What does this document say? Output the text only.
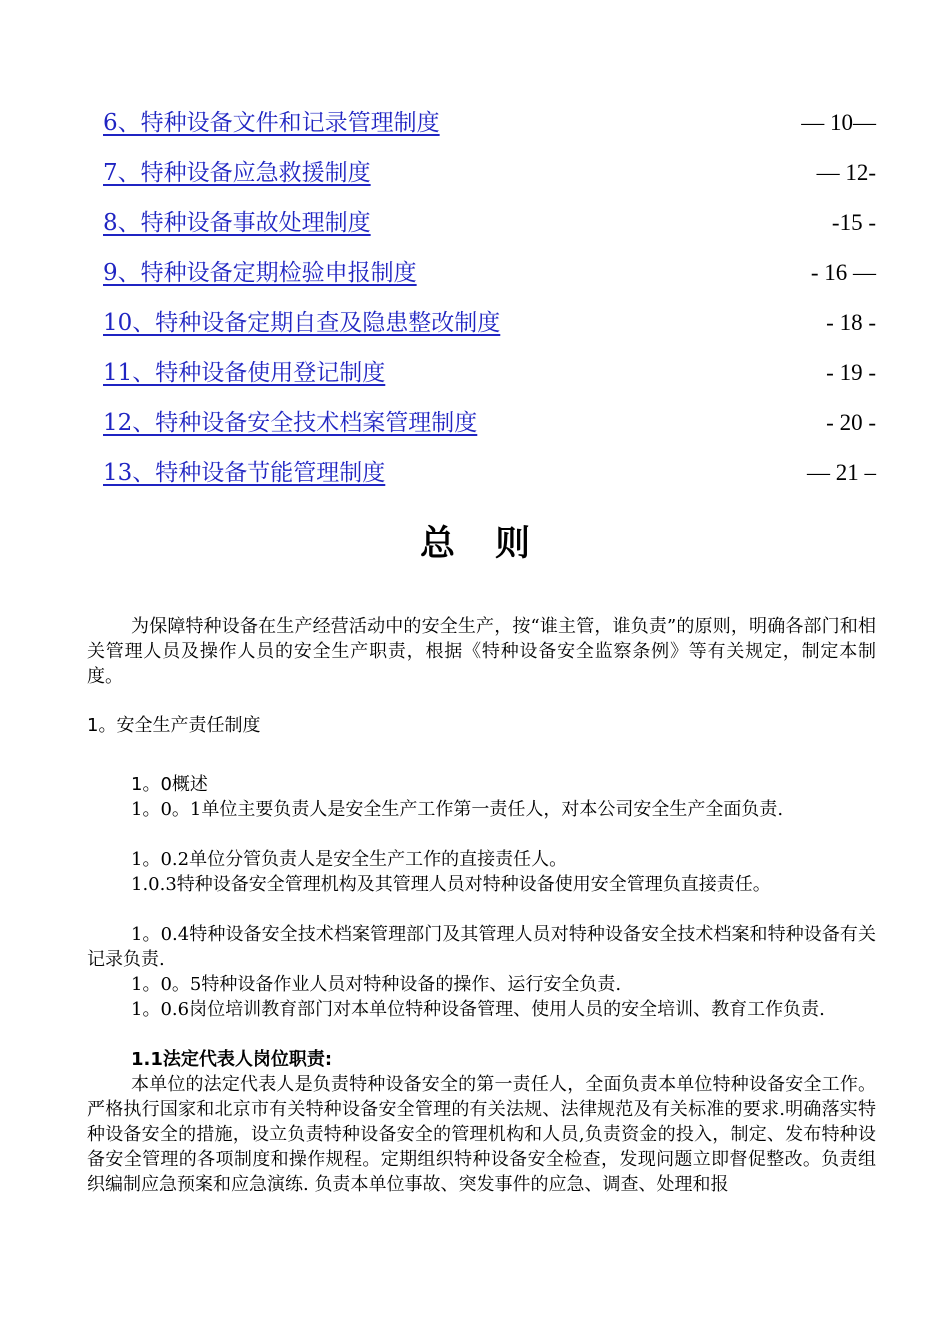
6、特种设备文件和记录管理制度	— 10—
7、特种设备应急救援制度	— 12-
8、特种设备事故处理制度	-15 -
9、特种设备定期检验申报制度	- 16 —
10、特种设备定期自查及隐患整改制度	- 18 -
11、特种设备使用登记制度	- 19 -
12、特种设备安全技术档案管理制度	- 20 -
13、特种设备节能管理制度	— 21 –
总则

为保障特种设备在生产经营活动中的安全生产，按“谁主管，谁负责”的原则，明确各部门和相关管理人员及操作人员的安全生产职责，根据《特种设备安全监察条例》等有关规定，制定本制度。

1。安全生产责任制度
1。0概述

1。0。1单位主要负责人是安全生产工作第一责任人，对本公司安全生产全面负责.

1。0.2单位分管负责人是安全生产工作的直接责任人。

1.0.3特种设备安全管理机构及其管理人员对特种设备使用安全管理负直接责任。

1。0.4特种设备安全技术档案管理部门及其管理人员对特种设备安全技术档案和特种设备有关记录负责.

1。0。5特种设备作业人员对特种设备的操作、运行安全负责.

1。0.6岗位培训教育部门对本单位特种设备管理、使用人员的安全培训、教育工作负责.

1.1法定代表人岗位职责:

本单位的法定代表人是负责特种设备安全的第一责任人，全面负责本单位特种设备安全工作。严格执行国家和北京市有关特种设备安全管理的有关法规、法律规范及有关标准的要求.明确落实特种设备安全的措施，设立负责特种设备安全的管理机构和人员,负责资金的投入，制定、发布特种设备安全管理的各项制度和操作规程。定期组织特种设备安全检查，发现问题立即督促整改。负责组织编制应急预案和应急演练. 负责本单位事故、突发事件的应急、调查、处理和报
